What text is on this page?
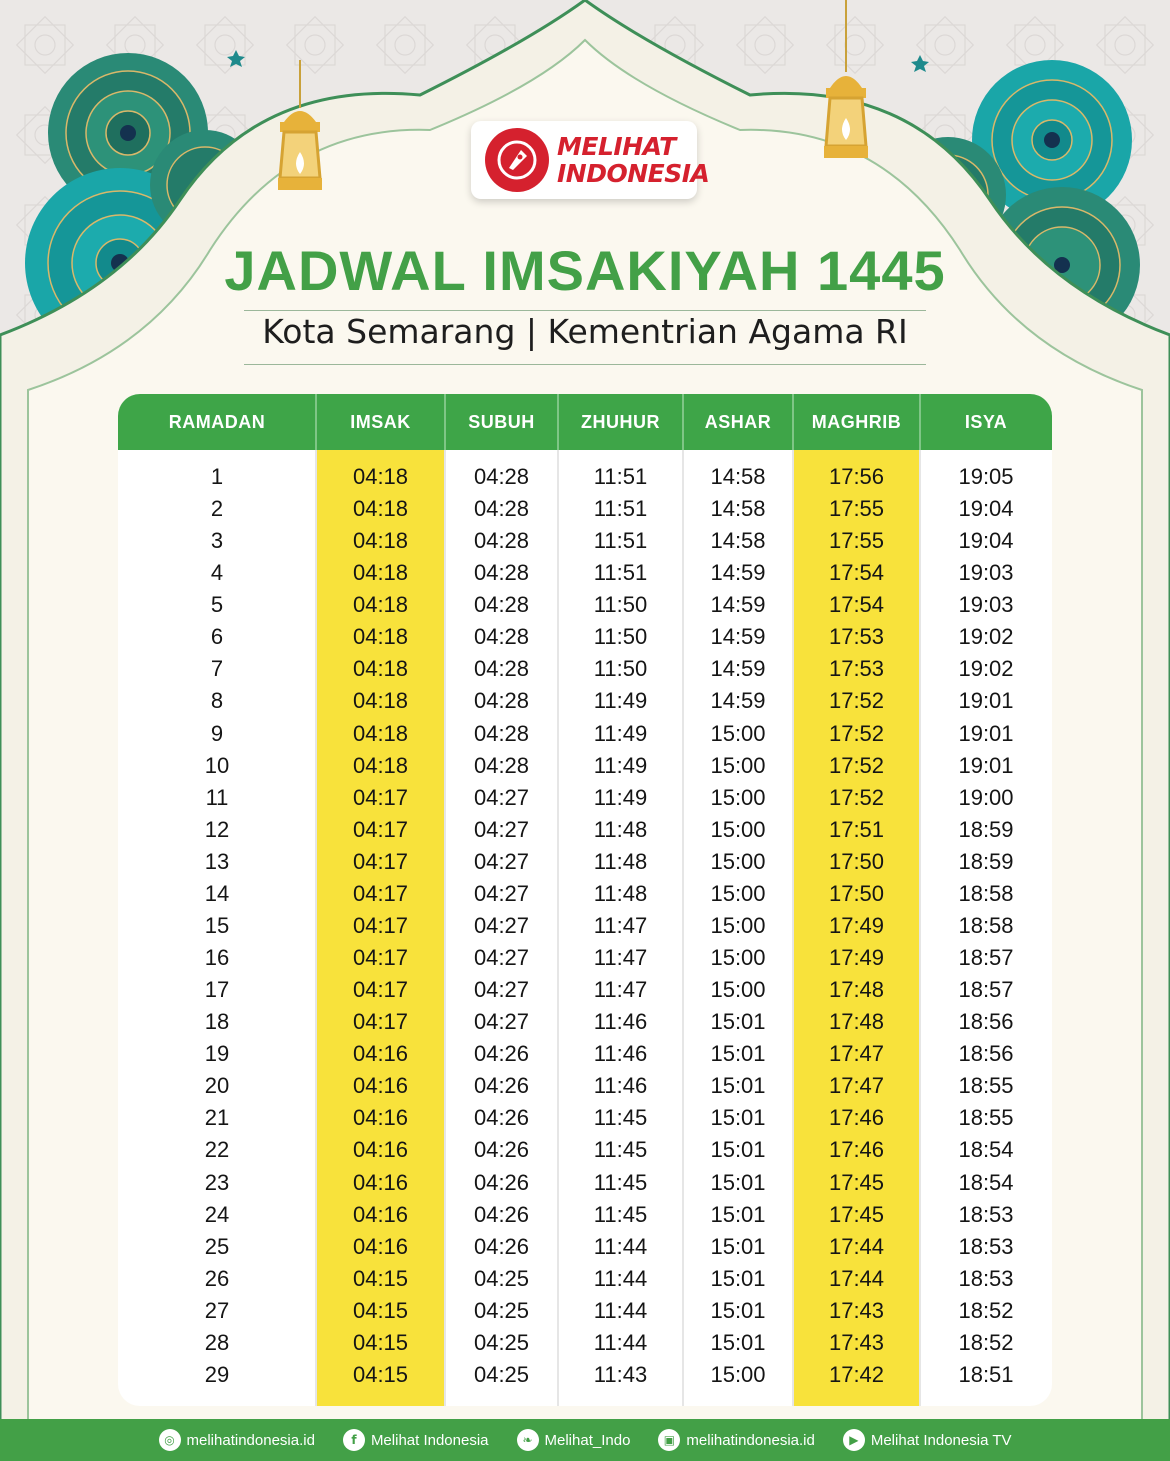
MELIHAT
INDONESIA
JADWAL IMSAKIYAH 1445
Kota Semarang | Kementrian Agama RI
RAMADAN	IMSAK	SUBUH	ZHUHUR	ASHAR	MAGHRIB	ISYA
1	04:18	04:28	11:51	14:58	17:56	19:05
2	04:18	04:28	11:51	14:58	17:55	19:04
3	04:18	04:28	11:51	14:58	17:55	19:04
4	04:18	04:28	11:51	14:59	17:54	19:03
5	04:18	04:28	11:50	14:59	17:54	19:03
6	04:18	04:28	11:50	14:59	17:53	19:02
7	04:18	04:28	11:50	14:59	17:53	19:02
8	04:18	04:28	11:49	14:59	17:52	19:01
9	04:18	04:28	11:49	15:00	17:52	19:01
10	04:18	04:28	11:49	15:00	17:52	19:01
11	04:17	04:27	11:49	15:00	17:52	19:00
12	04:17	04:27	11:48	15:00	17:51	18:59
13	04:17	04:27	11:48	15:00	17:50	18:59
14	04:17	04:27	11:48	15:00	17:50	18:58
15	04:17	04:27	11:47	15:00	17:49	18:58
16	04:17	04:27	11:47	15:00	17:49	18:57
17	04:17	04:27	11:47	15:00	17:48	18:57
18	04:17	04:27	11:46	15:01	17:48	18:56
19	04:16	04:26	11:46	15:01	17:47	18:56
20	04:16	04:26	11:46	15:01	17:47	18:55
21	04:16	04:26	11:45	15:01	17:46	18:55
22	04:16	04:26	11:45	15:01	17:46	18:54
23	04:16	04:26	11:45	15:01	17:45	18:54
24	04:16	04:26	11:45	15:01	17:45	18:53
25	04:16	04:26	11:44	15:01	17:44	18:53
26	04:15	04:25	11:44	15:01	17:44	18:53
27	04:15	04:25	11:44	15:01	17:43	18:52
28	04:15	04:25	11:44	15:01	17:43	18:52
29	04:15	04:25	11:43	15:00	17:42	18:51
◎ melihatindonesia.id	f Melihat Indonesia	❧ Melihat_Indo	▣ melihatindonesia.id	▶ Melihat Indonesia TV
